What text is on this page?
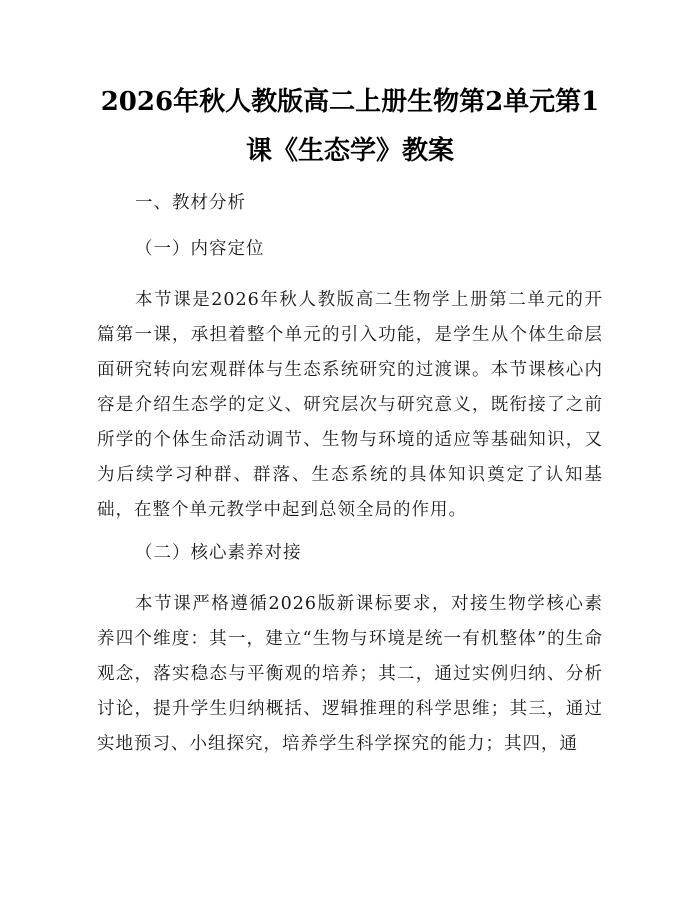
2026年秋人教版高二上册生物第2单元第1课《生态学》教案
一、教材分析
（一）内容定位
本节课是2026年秋人教版高二生物学上册第二单元的开篇第一课，承担着整个单元的引入功能，是学生从个体生命层面研究转向宏观群体与生态系统研究的过渡课。本节课核心内容是介绍生态学的定义、研究层次与研究意义，既衔接了之前所学的个体生命活动调节、生物与环境的适应等基础知识，又为后续学习种群、群落、生态系统的具体知识奠定了认知基础，在整个单元教学中起到总领全局的作用。
（二）核心素养对接
本节课严格遵循2026版新课标要求，对接生物学核心素养四个维度：其一，建立“生物与环境是统一有机整体”的生命观念，落实稳态与平衡观的培养；其二，通过实例归纳、分析讨论，提升学生归纳概括、逻辑推理的科学思维；其三，通过实地预习、小组探究，培养学生科学探究的能力；其四，通
